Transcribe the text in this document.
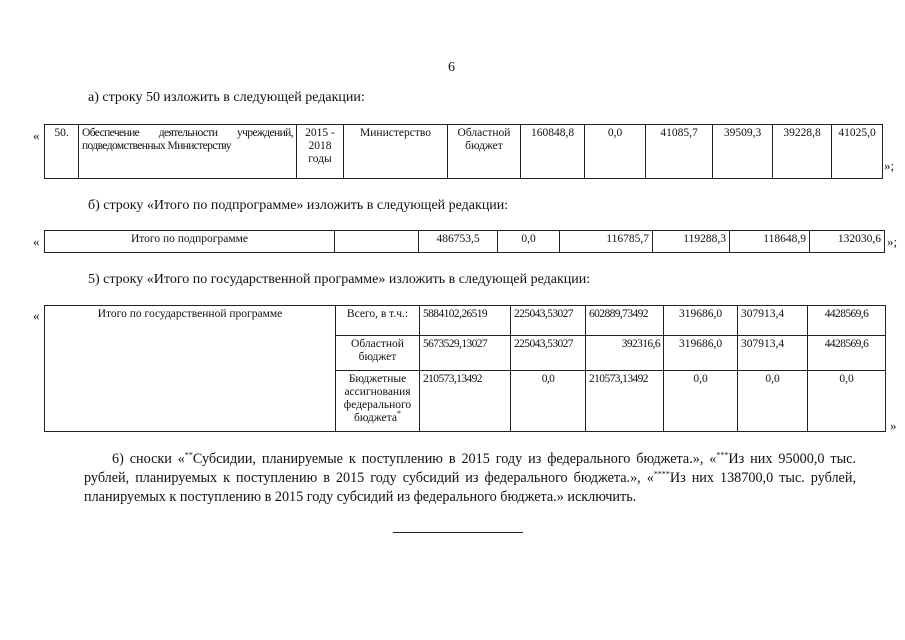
6
а) строку 50 изложить в следующей редакции:
« 50.	Обеспечение деятельности учреждений, подведомственных Министерству	2015 - 2018 годы	Министерство	Областной бюджет	160848,8	0,0	41085,7	39509,3	39228,8	41025,0
»;
б) строку «Итого по подпрограмме» изложить в следующей редакции:
«	Итого по подпрограмме		486753,5	0,0	116785,7	119288,3	118648,9	132030,6 »;
5) строку «Итого по государственной программе» изложить в следующей редакции:
«	Итого по государственной программе	Всего, в т.ч.:	5884102,26519	225043,53027	602889,73492	319686,0	307913,4	4428569,6
	Областной бюджет	5673529,13027	225043,53027	392316,6	319686,0	307913,4	4428569,6
	Бюджетные ассигнования федерального бюджета*	210573,13492	0,0	210573,13492	0,0	0,0	0,0
»
6) сноски «**Субсидии, планируемые к поступлению в 2015 году из федерального бюджета.», «***Из них 95000,0 тыс. рублей, планируемых к поступлению в 2015 году субсидий из федерального бюджета.», «****Из них 138700,0 тыс. рублей, планируемых к поступлению в 2015 году субсидий из федерального бюджета.» исключить.
